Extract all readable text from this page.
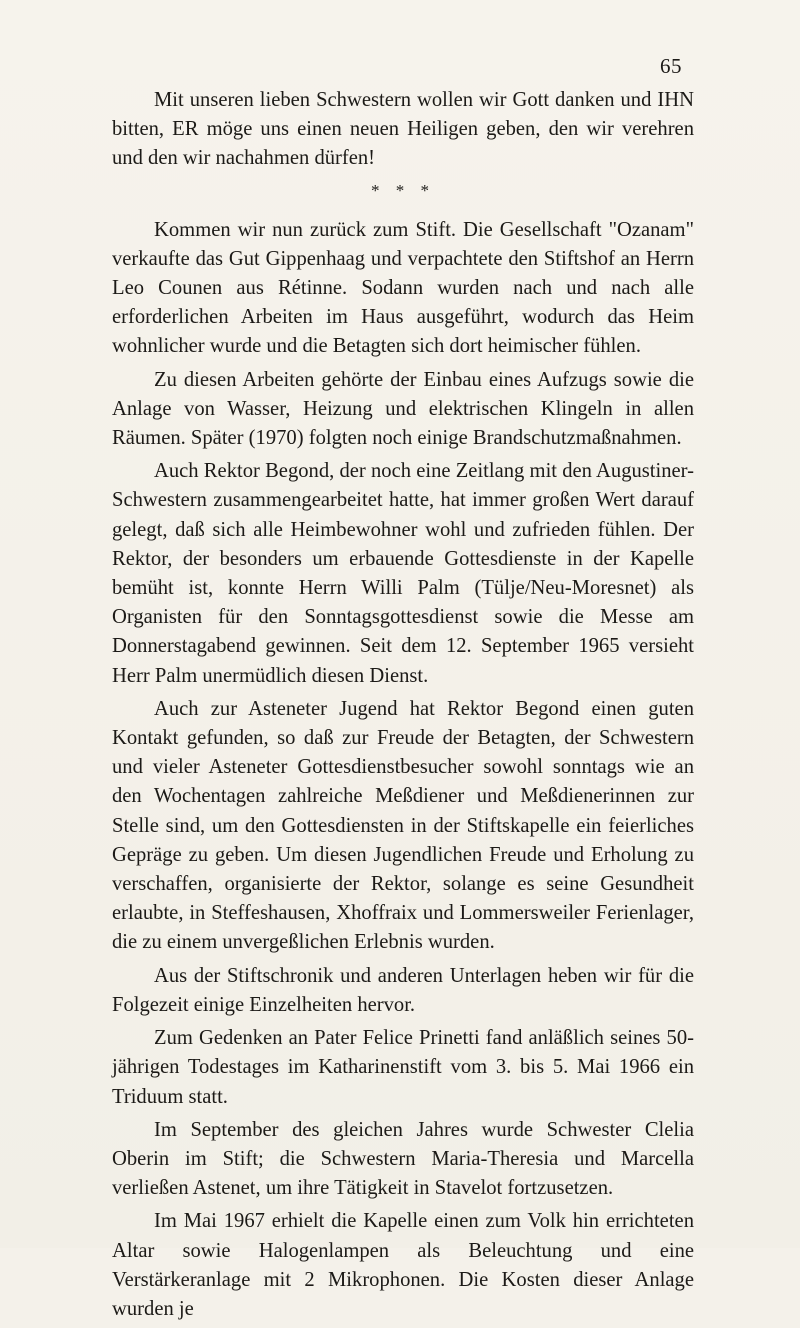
65

Mit unseren lieben Schwestern wollen wir Gott danken und IHN bitten, ER möge uns einen neuen Heiligen geben, den wir verehren und den wir nachahmen dürfen!

* * *

Kommen wir nun zurück zum Stift. Die Gesellschaft "Ozanam" verkaufte das Gut Gippenhaag und verpachtete den Stiftshof an Herrn Leo Counen aus Rétinne. Sodann wurden nach und nach alle erforderlichen Arbeiten im Haus ausgeführt, wodurch das Heim wohnlicher wurde und die Betagten sich dort heimischer fühlen.

Zu diesen Arbeiten gehörte der Einbau eines Aufzugs sowie die Anlage von Wasser, Heizung und elektrischen Klingeln in allen Räumen. Später (1970) folgten noch einige Brandschutzmaßnahmen.

Auch Rektor Begond, der noch eine Zeitlang mit den Augustiner-Schwestern zusammengearbeitet hatte, hat immer großen Wert darauf gelegt, daß sich alle Heimbewohner wohl und zufrieden fühlen. Der Rektor, der besonders um erbauende Gottesdienste in der Kapelle bemüht ist, konnte Herrn Willi Palm (Tülje/Neu-Moresnet) als Organisten für den Sonntagsgottesdienst sowie die Messe am Donnerstagabend gewinnen. Seit dem 12. September 1965 versieht Herr Palm unermüdlich diesen Dienst.

Auch zur Asteneter Jugend hat Rektor Begond einen guten Kontakt gefunden, so daß zur Freude der Betagten, der Schwestern und vieler Asteneter Gottesdienstbesucher sowohl sonntags wie an den Wochentagen zahlreiche Meßdiener und Meßdienerinnen zur Stelle sind, um den Gottesdiensten in der Stiftskapelle ein feierliches Gepräge zu geben. Um diesen Jugendlichen Freude und Erholung zu verschaffen, organisierte der Rektor, solange es seine Gesundheit erlaubte, in Steffeshausen, Xhoffraix und Lommersweiler Ferienlager, die zu einem unvergeßlichen Erlebnis wurden.

Aus der Stiftschronik und anderen Unterlagen heben wir für die Folgezeit einige Einzelheiten hervor.

Zum Gedenken an Pater Felice Prinetti fand anläßlich seines 50-jährigen Todestages im Katharinenstift vom 3. bis 5. Mai 1966 ein Triduum statt.

Im September des gleichen Jahres wurde Schwester Clelia Oberin im Stift; die Schwestern Maria-Theresia und Marcella verließen Astenet, um ihre Tätigkeit in Stavelot fortzusetzen.

Im Mai 1967 erhielt die Kapelle einen zum Volk hin errichteten Altar sowie Halogenlampen als Beleuchtung und eine Verstärkeranlage mit 2 Mikrophonen. Die Kosten dieser Anlage wurden je
